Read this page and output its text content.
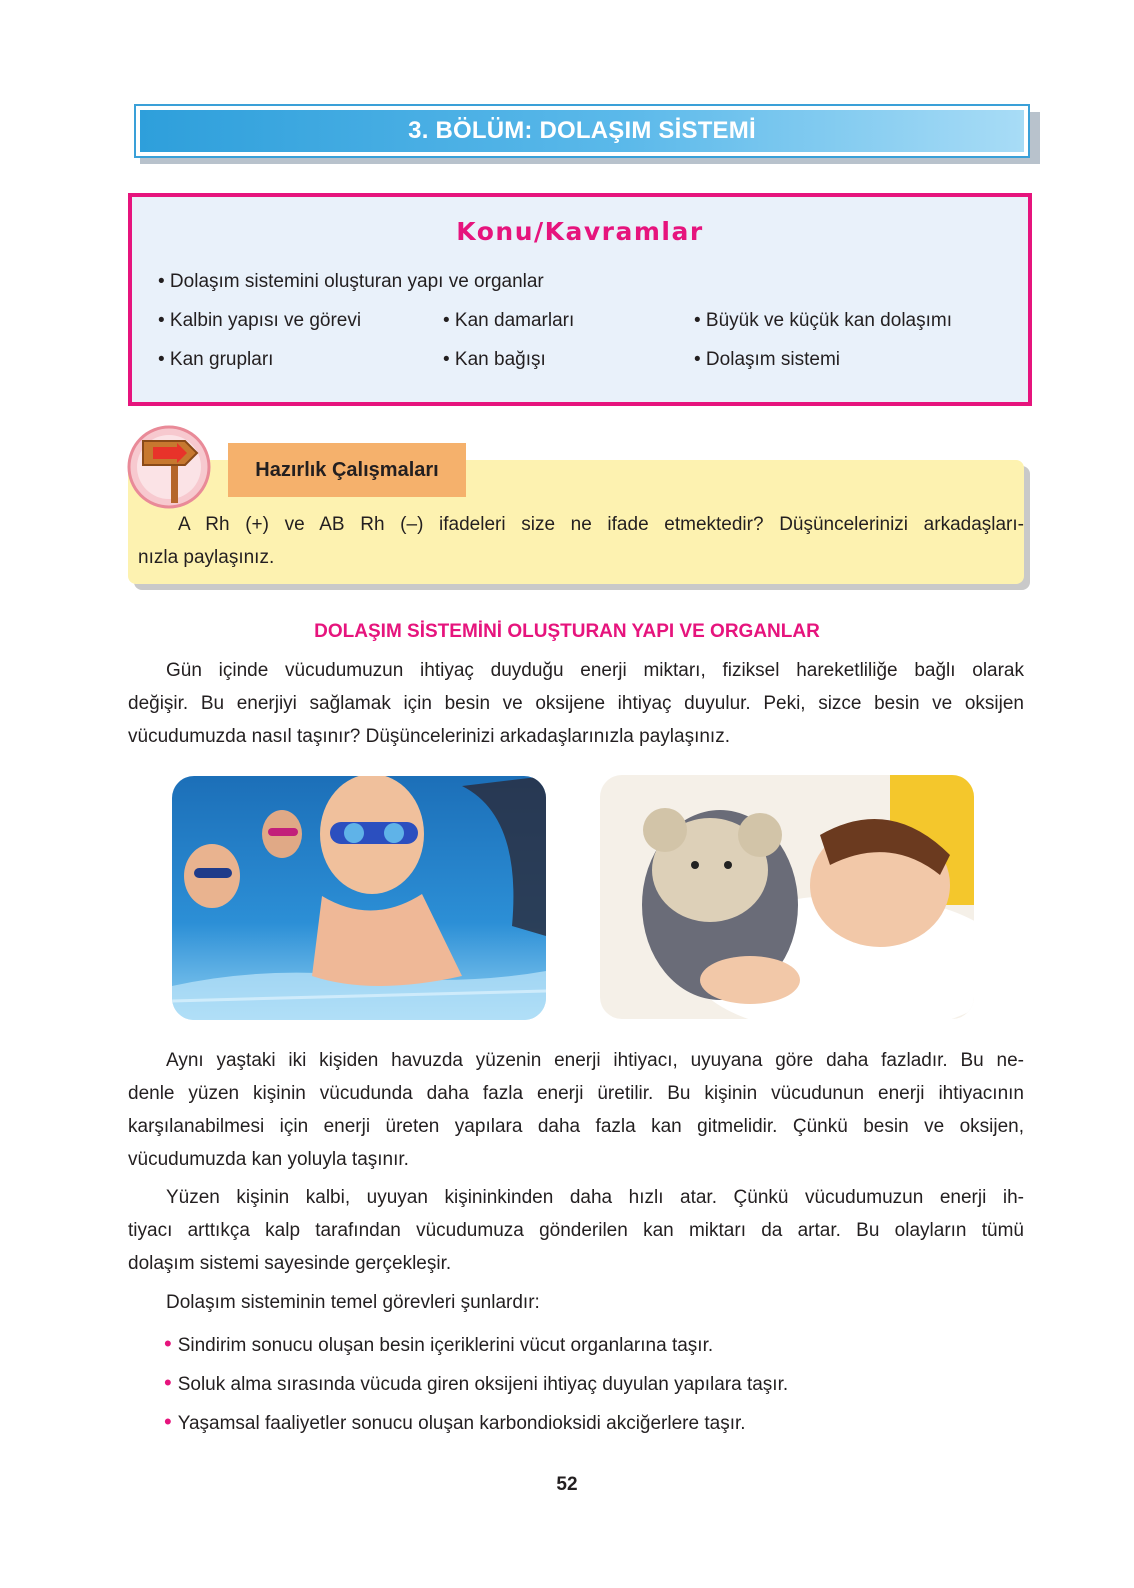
3. BÖLÜM: DOLAŞIM SİSTEMİ
Konu/Kavramlar
• Dolaşım sistemini oluşturan yapı ve organlar
• Kalbin yapısı ve görevi	• Kan damarları	• Büyük ve küçük kan dolaşımı
• Kan grupları	• Kan bağışı	• Dolaşım sistemi
Hazırlık Çalışmaları
A Rh (+) ve AB Rh (–) ifadeleri size ne ifade etmektedir? Düşüncelerinizi arkadaşları-
nızla paylaşınız.
DOLAŞIM SİSTEMİNİ OLUŞTURAN YAPI VE ORGANLAR
Gün içinde vücudumuzun ihtiyaç duyduğu enerji miktarı, fiziksel hareketliliğe bağlı olarak
değişir. Bu enerjiyi sağlamak için besin ve oksijene ihtiyaç duyulur. Peki, sizce besin ve oksijen
vücudumuzda nasıl taşınır? Düşüncelerinizi arkadaşlarınızla paylaşınız.
Aynı yaştaki iki kişiden havuzda yüzenin enerji ihtiyacı, uyuyana göre daha fazladır. Bu ne-
denle yüzen kişinin vücudunda daha fazla enerji üretilir. Bu kişinin vücudunun enerji ihtiyacının
karşılanabilmesi için enerji üreten yapılara daha fazla kan gitmelidir. Çünkü besin ve oksijen,
vücudumuzda kan yoluyla taşınır.
Yüzen kişinin kalbi, uyuyan kişininkinden daha hızlı atar. Çünkü vücudumuzun enerji ih-
tiyacı arttıkça kalp tarafından vücudumuza gönderilen kan miktarı da artar. Bu olayların tümü
dolaşım sistemi sayesinde gerçekleşir.
Dolaşım sisteminin temel görevleri şunlardır:
• Sindirim sonucu oluşan besin içeriklerini vücut organlarına taşır.
• Soluk alma sırasında vücuda giren oksijeni ihtiyaç duyulan yapılara taşır.
• Yaşamsal faaliyetler sonucu oluşan karbondioksidi akciğerlere taşır.
52
